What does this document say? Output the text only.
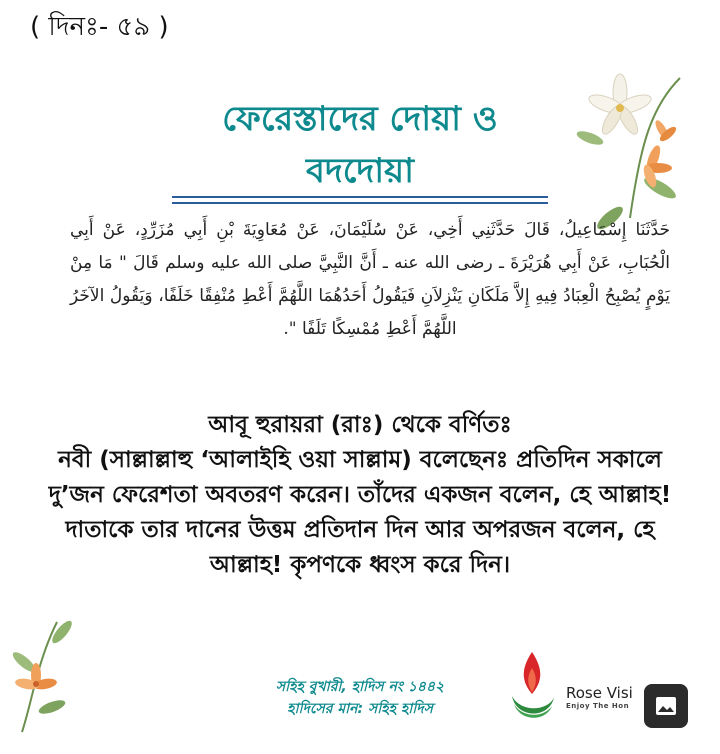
( দিনঃ- ৫৯ )
ফেরেস্তাদের দোয়া ও
বদদোয়া
حَدَّثَنَا إِسْمَاعِيلُ، قَالَ حَدَّثَنِي أَخِي، عَنْ سُلَيْمَانَ، عَنْ مُعَاوِيَةَ بْنِ أَبِي مُزَرِّدٍ، عَنْ أَبِي الْحُبَابِ، عَنْ أَبِي هُرَيْرَةَ ـ رضى الله عنه ـ أَنَّ النَّبِيَّ صلى الله عليه وسلم قَالَ ‏"‏ مَا مِنْ يَوْمٍ يُصْبِحُ الْعِبَادُ فِيهِ إِلاَّ مَلَكَانِ يَنْزِلاَنِ فَيَقُولُ أَحَدُهُمَا اللَّهُمَّ أَعْطِ مُنْفِقًا خَلَفًا، وَيَقُولُ الآخَرُ اللَّهُمَّ أَعْطِ مُمْسِكًا تَلَفًا ‏"‏‏.‏
আবূ হুরায়রা (রাঃ) থেকে বর্ণিতঃ
নবী (সাল্লাল্লাহু ‘আলাইহি ওয়া সাল্লাম) বলেছেনঃ প্রতিদিন সকালে দু’জন ফেরেশতা অবতরণ করেন। তাঁদের একজন বলেন, হে আল্লাহ! দাতাকে তার দানের উত্তম প্রতিদান দিন আর অপরজন বলেন, হে আল্লাহ! কৃপণকে ধ্বংস করে দিন।
সহিহ বুখারী, হাদিস নং ১৪৪২
হাদিসের মান: সহিহ হাদিস
Rose Visi
Enjoy The Hon
